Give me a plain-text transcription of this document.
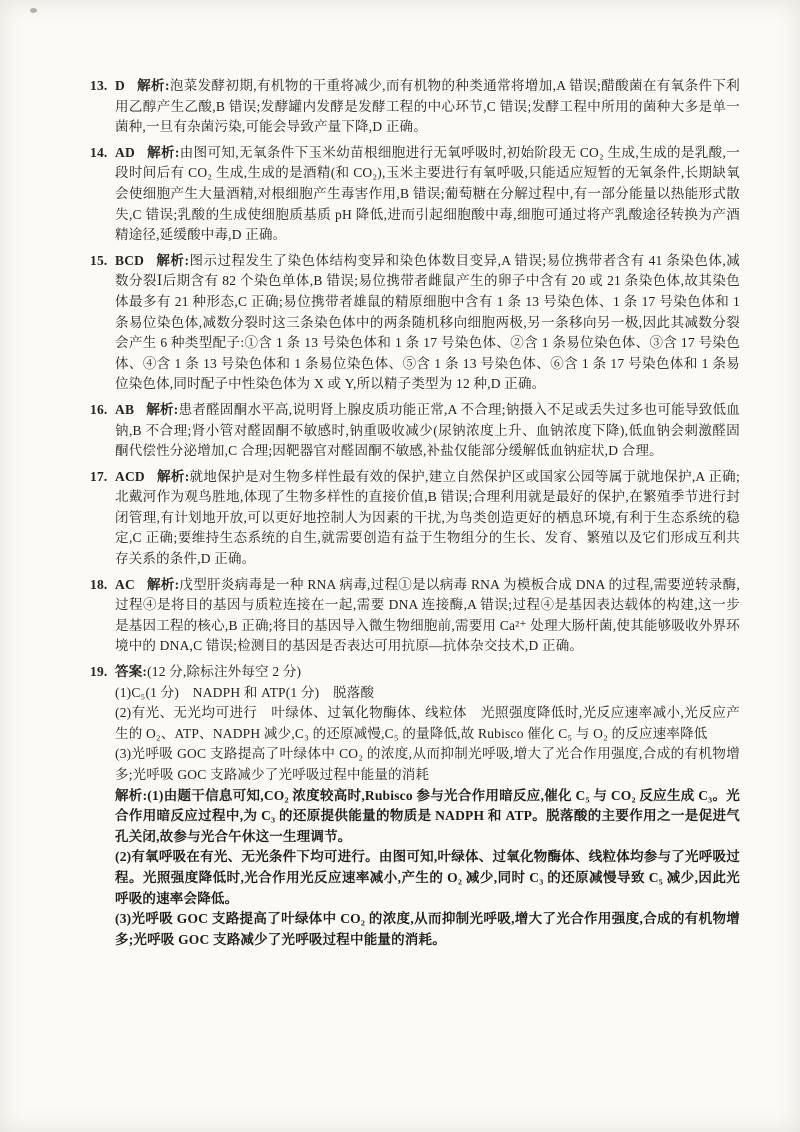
13. D 解析:泡菜发酵初期,有机物的干重将减少,而有机物的种类通常将增加,A 错误;醋酸菌在有氧条件下利用乙醇产生乙酸,B 错误;发酵罐内发酵是发酵工程的中心环节,C 错误;发酵工程中所用的菌种大多是单一菌种,一旦有杂菌污染,可能会导致产量下降,D 正确。
14. AD 解析:由图可知,无氧条件下玉米幼苗根细胞进行无氧呼吸时,初始阶段无 CO₂ 生成,生成的是乳酸,一段时间后有 CO₂ 生成,生成的是酒精(和 CO₂),玉米主要进行有氧呼吸,只能适应短暂的无氧条件,长期缺氧会使细胞产生大量酒精,对根细胞产生毒害作用,B 错误;葡萄糖在分解过程中,有一部分能量以热能形式散失,C 错误;乳酸的生成使细胞质基质 pH 降低,进而引起细胞酸中毒,细胞可通过将产乳酸途径转换为产酒精途径,延缓酸中毒,D 正确。
15. BCD 解析:图示过程发生了染色体结构变异和染色体数目变异,A 错误;易位携带者含有 41 条染色体,减数分裂Ⅰ后期含有 82 个染色单体,B 错误;易位携带者雌鼠产生的卵子中含有 20 或 21 条染色体,故其染色体最多有 21 种形态,C 正确;易位携带者雄鼠的精原细胞中含有 1 条 13 号染色体、1 条 17 号染色体和 1 条易位染色体,减数分裂时这三条染色体中的两条随机移向细胞两极,另一条移向另一极,因此其减数分裂会产生 6 种类型配子:①含 1 条 13 号染色体和 1 条 17 号染色体、②含 1 条易位染色体、③含 17 号染色体、④含 1 条 13 号染色体和 1 条易位染色体、⑤含 1 条 13 号染色体、⑥含 1 条 17 号染色体和 1 条易位染色体,同时配子中性染色体为 X 或 Y,所以精子类型为 12 种,D 正确。
16. AB 解析:患者醛固酮水平高,说明肾上腺皮质功能正常,A 不合理;钠摄入不足或丢失过多也可能导致低血钠,B 不合理;肾小管对醛固酮不敏感时,钠重吸收减少(尿钠浓度上升、血钠浓度下降),低血钠会刺激醛固酮代偿性分泌增加,C 合理;因靶器官对醛固酮不敏感,补盐仅能部分缓解低血钠症状,D 合理。
17. ACD 解析:就地保护是对生物多样性最有效的保护,建立自然保护区或国家公园等属于就地保护,A 正确;北戴河作为观鸟胜地,体现了生物多样性的直接价值,B 错误;合理利用就是最好的保护,在繁殖季节进行封闭管理,有计划地开放,可以更好地控制人为因素的干扰,为鸟类创造更好的栖息环境,有利于生态系统的稳定,C 正确;要维持生态系统的自生,就需要创造有益于生物组分的生长、发育、繁殖以及它们形成互利共存关系的条件,D 正确。
18. AC 解析:戊型肝炎病毒是一种 RNA 病毒,过程①是以病毒 RNA 为模板合成 DNA 的过程,需要逆转录酶,过程④是将目的基因与质粒连接在一起,需要 DNA 连接酶,A 错误;过程④是基因表达载体的构建,这一步是基因工程的核心,B 正确;将目的基因导入微生物细胞前,需要用 Ca²⁺ 处理大肠杆菌,使其能够吸收外界环境中的 DNA,C 错误;检测目的基因是否表达可用抗原—抗体杂交技术,D 正确。
19. 答案:(12 分,除标注外每空 2 分)
(1)C₅(1 分)　NADPH 和 ATP(1 分)　脱落酸
(2)有光、无光均可进行　叶绿体、过氧化物酶体、线粒体　光照强度降低时,光反应速率减小,光反应产生的 O₂、ATP、NADPH 减少,C₃ 的还原减慢,C₅ 的量降低,故 Rubisco 催化 C₅ 与 O₂ 的反应速率降低
(3)光呼吸 GOC 支路提高了叶绿体中 CO₂ 的浓度,从而抑制光呼吸,增大了光合作用强度,合成的有机物增多;光呼吸 GOC 支路减少了光呼吸过程中能量的消耗
解析:(1)由题干信息可知,CO₂ 浓度较高时,Rubisco 参与光合作用暗反应,催化 C₅ 与 CO₂ 反应生成 C₃。光合作用暗反应过程中,为 C₃ 的还原提供能量的物质是 NADPH 和 ATP。脱落酸的主要作用之一是促进气孔关闭,故参与光合午休这一生理调节。
(2)有氧呼吸在有光、无光条件下均可进行。由图可知,叶绿体、过氧化物酶体、线粒体均参与了光呼吸过程。光照强度降低时,光合作用光反应速率减小,产生的 O₂ 减少,同时 C₃ 的还原减慢导致 C₅ 减少,因此光呼吸的速率会降低。
(3)光呼吸 GOC 支路提高了叶绿体中 CO₂ 的浓度,从而抑制光呼吸,增大了光合作用强度,合成的有机物增多;光呼吸 GOC 支路减少了光呼吸过程中能量的消耗。
